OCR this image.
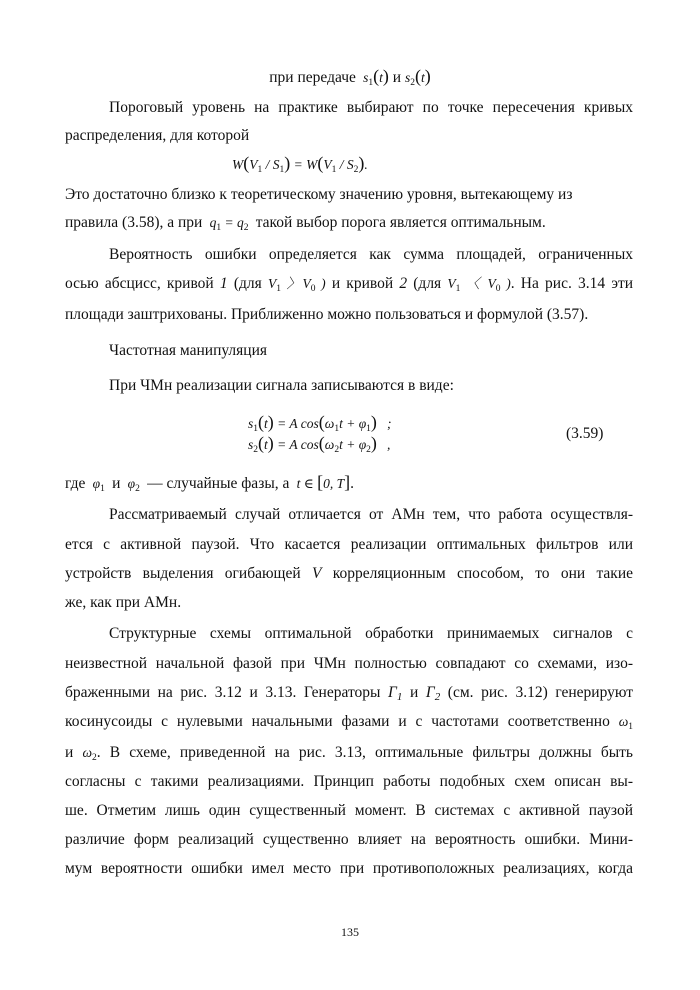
при передаче  $s_1(t)$ и $s_2(t)$
Пороговый уровень на практике выбирают по точке пересечения кривых
распределения, для которой
$W(V_1 / S_1) = W(V_1 / S_2)$.
Это достаточно близко к теоретическому значению уровня, вытекающему из
правила (3.58), а при  $q_1 = q_2$ такой выбор порога является оптимальным.
Вероятность ошибки определяется как сумма площадей, ограниченных
осью абсцисс, кривой 1 (для $V_1$ 〉$V_0$ ) и кривой 2 (для $V_1$ 〈 $V_0$ ). На рис. 3.14 эти
площади заштрихованы. Приближенно можно пользоваться и формулой (3.57).
Частотная манипуляция
При ЧМн реализации сигнала записываются в виде:
$s_1(t) = A$ $\cos(\omega_1t + \varphi_1)$   ;
$s_2(t) = A$ $\cos(\omega_2t + \varphi_2)$   ,
(3.59)
где  $\varphi_1$ и  $\varphi_2$ — случайные фазы, а  t ∈ [0, T].
Рассматриваемый случай отличается от АМн тем, что работа осуществля-
ется с активной паузой. Что касается реализации оптимальных фильтров или
устройств выделения огибающей V корреляционным способом, то они такие
же, как при АМн.
Структурные схемы оптимальной обработки принимаемых сигналов с
неизвестной начальной фазой при ЧМн полностью совпадают со схемами, изо-
браженными на рис. 3.12 и 3.13. Генераторы Г1 и Г2 (см. рис. 3.12) генерируют
косинусоиды с нулевыми начальными фазами и с частотами соответственно $\omega_1$
и $\omega_2$. В схеме, приведенной на рис. 3.13, оптимальные фильтры должны быть
согласны с такими реализациями. Принцип работы подобных схем описан вы-
ше. Отметим лишь один существенный момент. В системах с активной паузой
различие форм реализаций существенно влияет на вероятность ошибки. Мини-
мум вероятности ошибки имел место при противоположных реализациях, когда
135
